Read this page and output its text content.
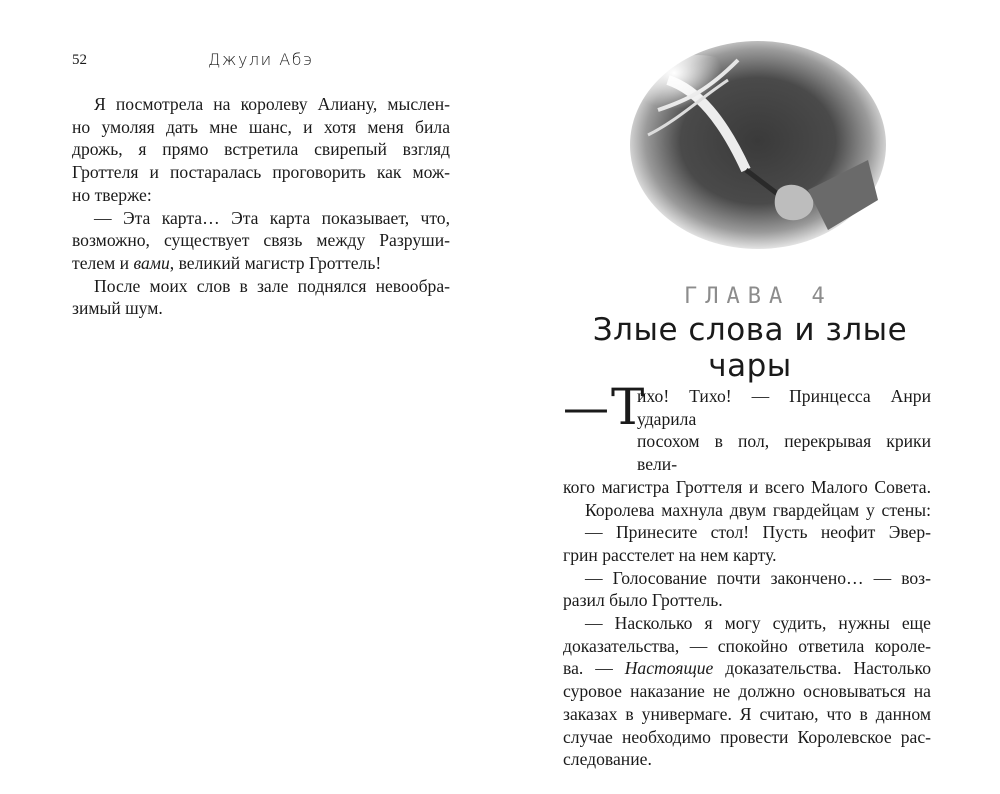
52	Джули Абэ

Я посмотрела на королеву Алиану, мыслен-

но умоляя дать мне шанс, и хотя меня била

дрожь, я прямо встретила свирепый взгляд

Гроттеля и постаралась проговорить как мож-

но тверже:

— Эта карта… Эта карта показывает, что,

возможно, существует связь между Разруши-

телем и вами, великий магистр Гроттель!

После моих слов в зале поднялся невообра-

зимый шум.	ГЛАВА 4
Злые слова и злые чары
— Т
ихо! Тихо! — Принцесса Анри ударила
посохом в пол, перекрывая крики вели-

кого магистра Гроттеля и всего Малого Совета.

Королева махнула двум гвардейцам у стены:

— Принесите стол! Пусть неофит Эвер-

грин расстелет на нем карту.

— Голосование почти закончено… — воз-

разил было Гроттель.

— Насколько я могу судить, нужны еще

доказательства, — спокойно ответила короле-

ва. — Настоящие доказательства. Настолько

суровое наказание не должно основываться на

заказах в универмаге. Я считаю, что в данном

случае необходимо провести Королевское рас-

следование.
